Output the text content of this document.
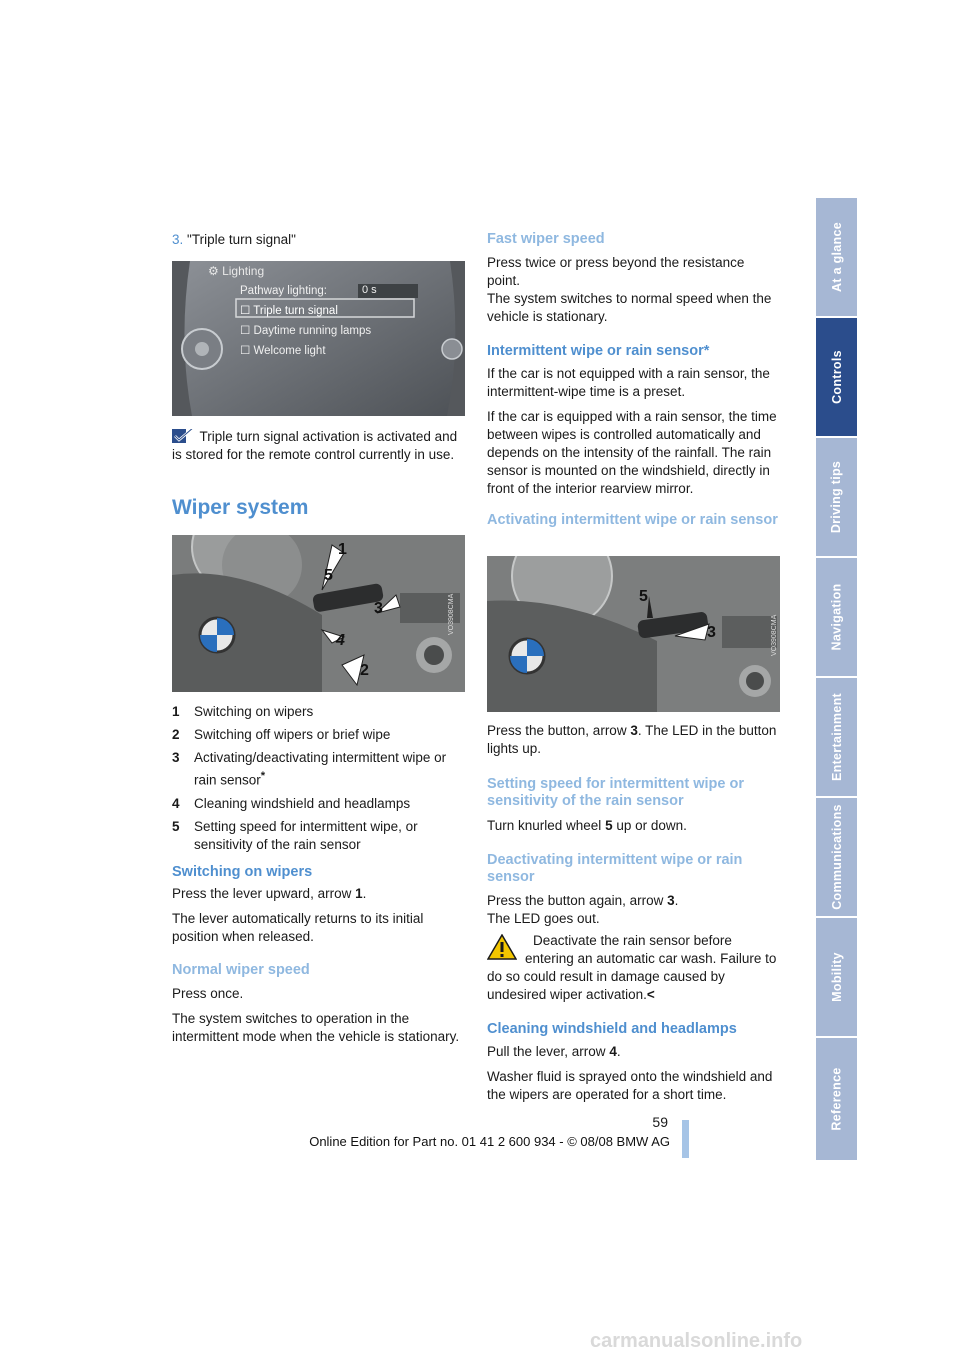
At a glance
Controls
Driving tips
Navigation
Entertainment
Communications
Mobility
Reference
3. "Triple turn signal"
⚙ Lighting
Pathway lighting:	0 s
☐ Triple turn signal
☐ Daytime running lamps
☐ Welcome light
Triple turn signal activation is activated and is stored for the remote control currently in use.
Wiper system
1
5
3
4
2
VO3908CMA
1	Switching on wipers
2	Switching off wipers or brief wipe
3	Activating/deactivating intermittent wipe or rain sensor*
4	Cleaning windshield and headlamps
5	Setting speed for intermittent wipe, or sensitivity of the rain sensor
Switching on wipers

Press the lever upward, arrow 1.

The lever automatically returns to its initial position when released.

Normal wiper speed

Press once.

The system switches to operation in the intermittent mode when the vehicle is stationary.

Fast wiper speed

Press twice or press beyond the resistance point.

The system switches to normal speed when the vehicle is stationary.

Intermittent wipe or rain sensor*

If the car is not equipped with a rain sensor, the intermittent-wipe time is a preset.

If the car is equipped with a rain sensor, the time between wipes is controlled automatically and depends on the intensity of the rainfall. The rain sensor is mounted on the windshield, directly in front of the interior rearview mirror.

Activating intermittent wipe or rain sensor
5
3	VO3908CMA

Press the button, arrow 3. The LED in the button lights up.

Setting speed for intermittent wipe or sensitivity of the rain sensor

Turn knurled wheel 5 up or down.

Deactivating intermittent wipe or rain sensor

Press the button again, arrow 3.

The LED goes out.

Deactivate the rain sensor before entering an automatic car wash. Failure to do so could result in damage caused by undesired wiper activation.<
Cleaning windshield and headlamps

Pull the lever, arrow 4.

Washer fluid is sprayed onto the windshield and the wipers are operated for a short time.

59
Online Edition for Part no. 01 41 2 600 934 - © 08/08 BMW AG
carmanualsonline.info
